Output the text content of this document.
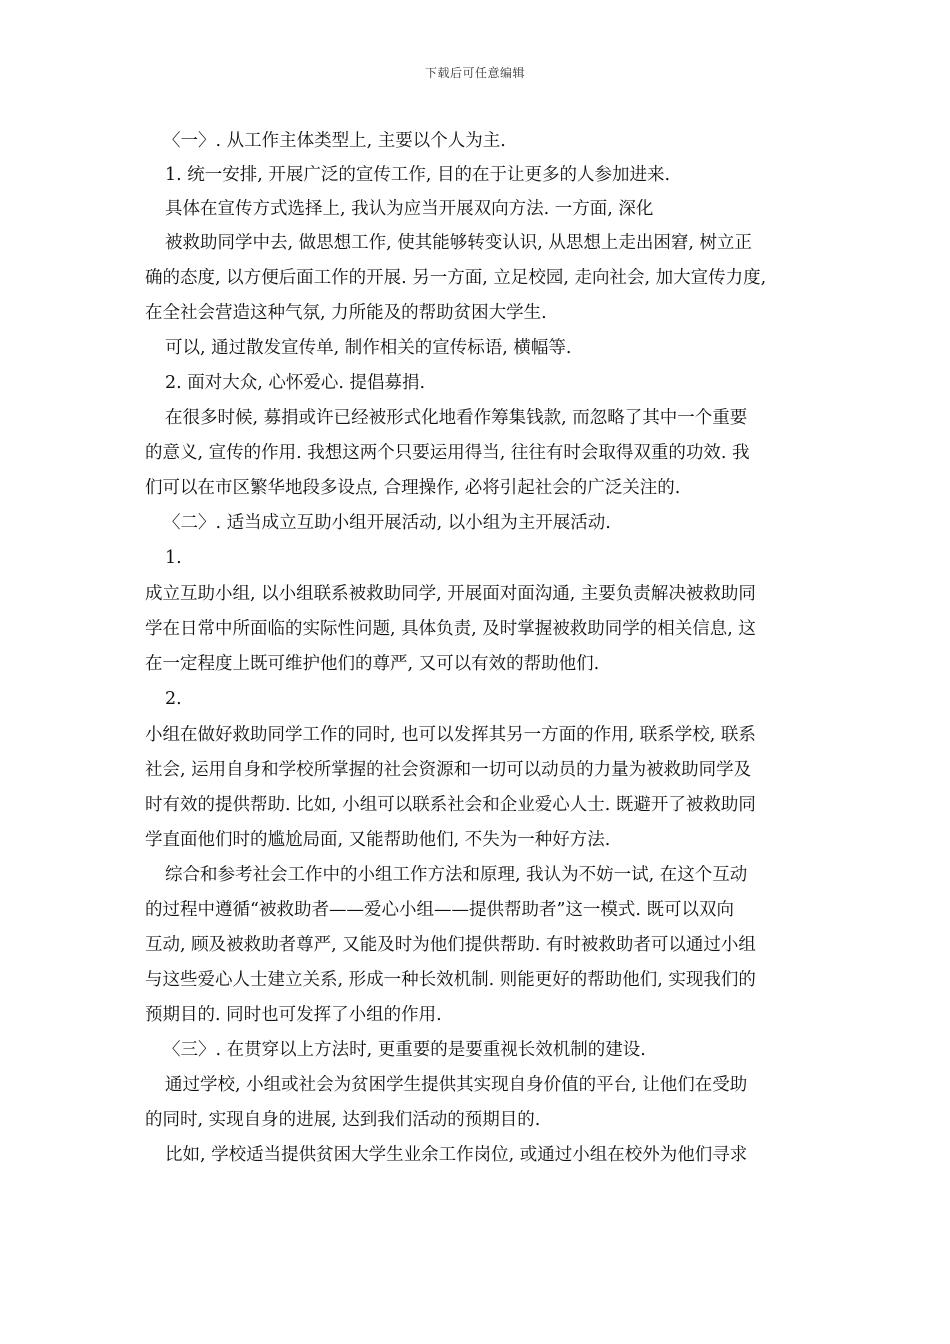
下载后可任意编辑
〈一〉. 从工作主体类型上, 主要以个人为主.
1. 统一安排, 开展广泛的宣传工作, 目的在于让更多的人参加进来.
具体在宣传方式选择上, 我认为应当开展双向方法. 一方面, 深化
被救助同学中去, 做思想工作, 使其能够转变认识, 从思想上走出困窘, 树立正
确的态度, 以方便后面工作的开展. 另一方面, 立足校园, 走向社会, 加大宣传力度,
在全社会营造这种气氛, 力所能及的帮助贫困大学生.
可以, 通过散发宣传单, 制作相关的宣传标语, 横幅等.
2. 面对大众, 心怀爱心. 提倡募捐.
在很多时候, 募捐或许已经被形式化地看作筹集钱款, 而忽略了其中一个重要
的意义, 宣传的作用. 我想这两个只要运用得当, 往往有时会取得双重的功效. 我
们可以在市区繁华地段多设点, 合理操作, 必将引起社会的广泛关注的.
〈二〉. 适当成立互助小组开展活动, 以小组为主开展活动.
1.
成立互助小组, 以小组联系被救助同学, 开展面对面沟通, 主要负责解决被救助同
学在日常中所面临的实际性问题, 具体负责, 及时掌握被救助同学的相关信息, 这
在一定程度上既可维护他们的尊严, 又可以有效的帮助他们.
2.
小组在做好救助同学工作的同时, 也可以发挥其另一方面的作用, 联系学校, 联系
社会, 运用自身和学校所掌握的社会资源和一切可以动员的力量为被救助同学及
时有效的提供帮助. 比如, 小组可以联系社会和企业爱心人士. 既避开了被救助同
学直面他们时的尴尬局面, 又能帮助他们, 不失为一种好方法.
综合和参考社会工作中的小组工作方法和原理, 我认为不妨一试, 在这个互动
的过程中遵循“被救助者——爱心小组——提供帮助者”这一模式. 既可以双向
互动, 顾及被救助者尊严, 又能及时为他们提供帮助. 有时被救助者可以通过小组
与这些爱心人士建立关系, 形成一种长效机制. 则能更好的帮助他们, 实现我们的
预期目的. 同时也可发挥了小组的作用.
〈三〉. 在贯穿以上方法时, 更重要的是要重视长效机制的建设.
通过学校, 小组或社会为贫困学生提供其实现自身价值的平台, 让他们在受助
的同时, 实现自身的进展, 达到我们活动的预期目的.
比如, 学校适当提供贫困大学生业余工作岗位, 或通过小组在校外为他们寻求
